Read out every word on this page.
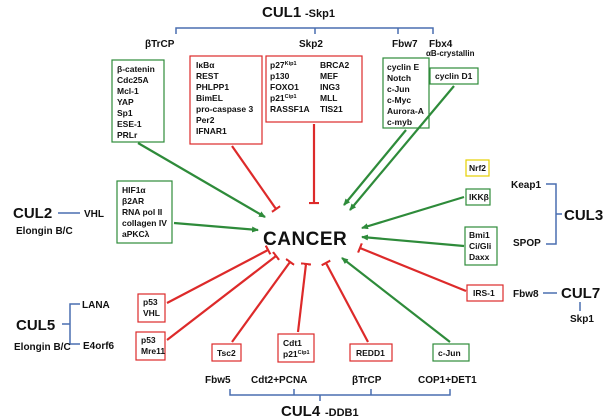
CUL1 -Skp1
βTrCP	Skp2	Fbw7 Fbx4
αB-crystallin
β-catenin
Cdc25A
Mcl-1
YAP
Sp1
ESE-1
PRLr
IκBα
REST
PHLPP1
BimEL
pro-caspase 3
Per2
IFNAR1
$p27^{Kip1}$
p130
FOXO1
$p21^{Cip1}$
RASSF1A
BRCA2
MEF
ING3
MLL
TIS21
cyclin E
Notch
c-Jun
c-Myc
Aurora-A
c-myb
cyclin D1
Nrf2
IKKβ
Bmi1
Ci/Gli
Daxx
Keap1
SPOP
CUL3
CUL2	VHL
Elongin B/C
HIF1α
β2AR
RNA pol II
collagen IV
aPKCλ
IRS-1 Fbw8 CUL7
Skp1
LANA
E4orf6
CUL5
Elongin B/C
p53
VHL
p53
Mre11	Tsc2
Cdt1
$p21^{Cip1}$	REDD1	c-Jun
Fbw5 Cdt2+PCNA	βTrCP	COP1+DET1
CUL4 -DDB1
CANCER
